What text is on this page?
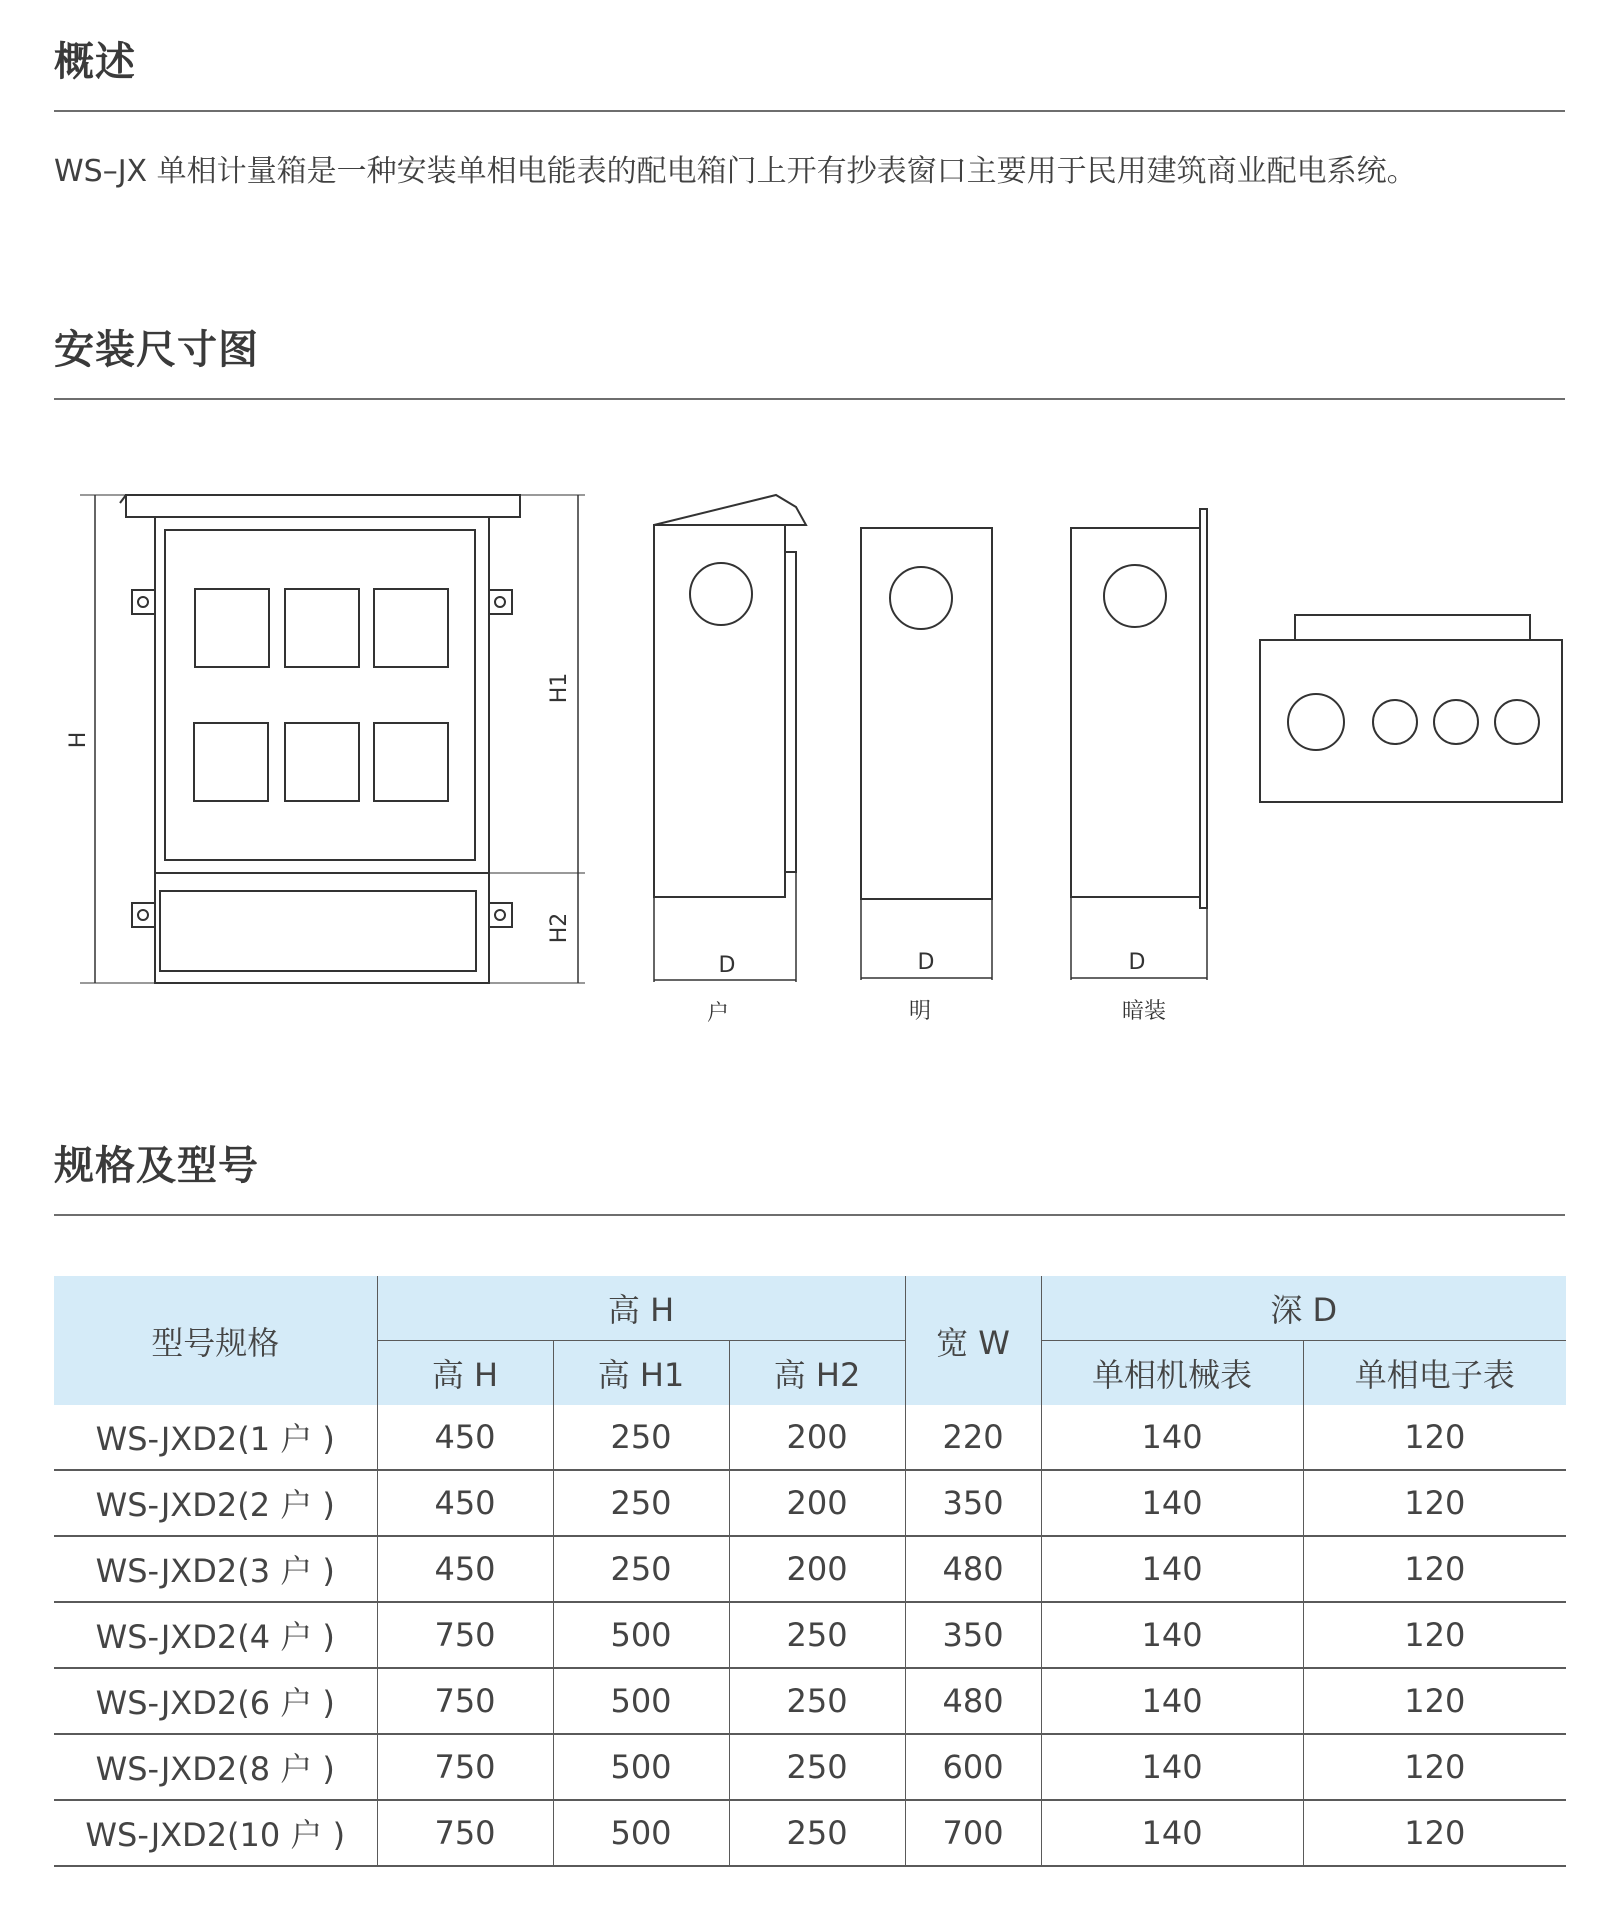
概述
WS–JX 单相计量箱是一种安装单相电能表的配电箱门上开有抄表窗口主要用于民用建筑商业配电系统。
安装尺寸图
H
H1
H2
D
户
D
明
D
暗装
规格及型号
型号规格	高 H			宽 W	深 D	
	高 H	高 H1	高 H2		单相机械表	单相电子表
WS-JXD2(1 户 )	450	250	200	220	140	120
WS-JXD2(2 户 )	450	250	200	350	140	120
WS-JXD2(3 户 )	450	250	200	480	140	120
WS-JXD2(4 户 )	750	500	250	350	140	120
WS-JXD2(6 户 )	750	500	250	480	140	120
WS-JXD2(8 户 )	750	500	250	600	140	120
WS-JXD2(10 户 )	750	500	250	700	140	120
